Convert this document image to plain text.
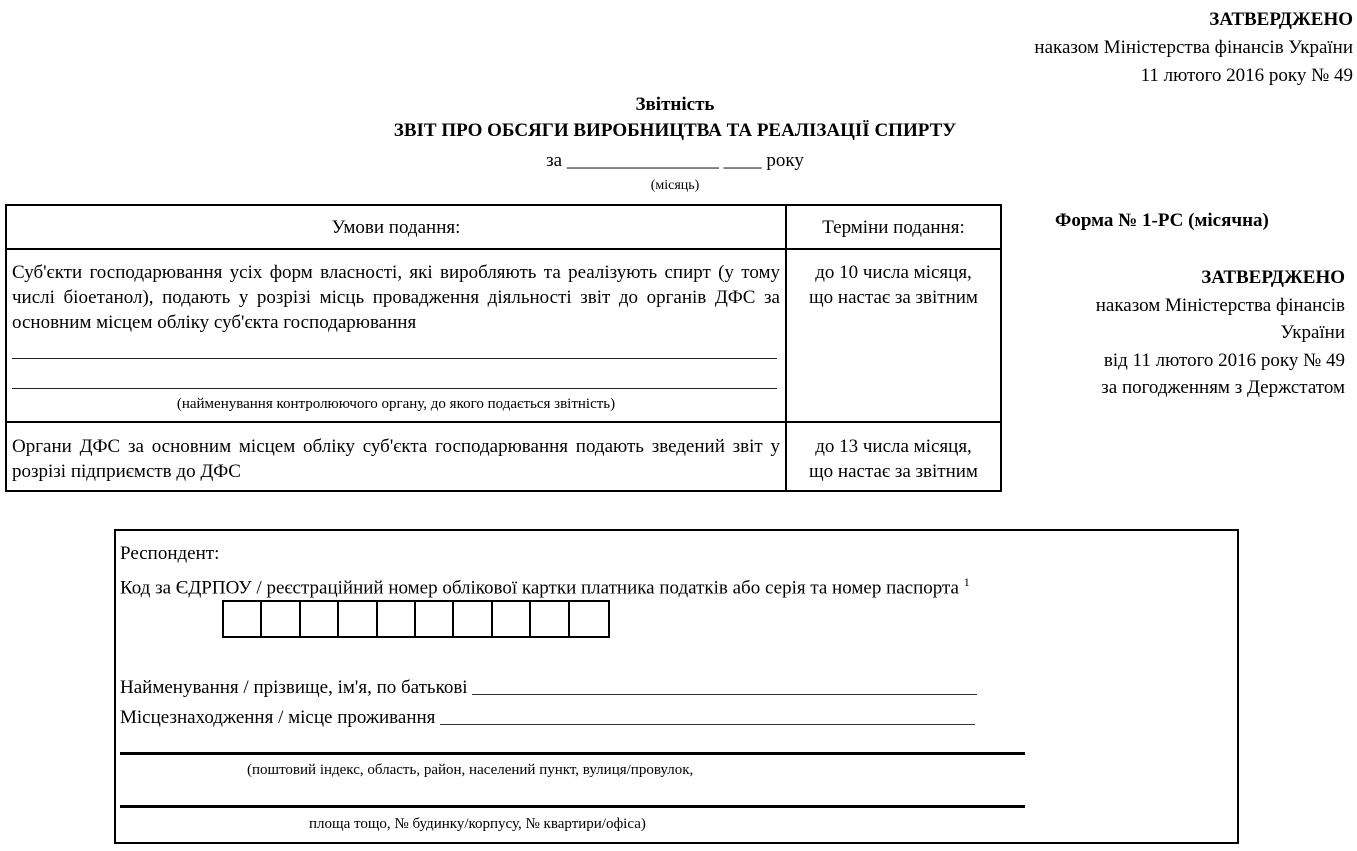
ЗАТВЕРДЖЕНО
наказом Міністерства фінансів України
11 лютого 2016 року № 49
Звітність
ЗВІТ ПРО ОБСЯГИ ВИРОБНИЦТВА ТА РЕАЛІЗАЦІЇ СПИРТУ
за ________________ ____ року
(місяць)
Умови подання:	Терміни подання:
Суб'єкти господарювання усіх форм власності, які виробляють та реалізують спирт (у тому числі біоетанол), подають у розрізі місць провадження діяльності звіт до органів ДФС за основним місцем обліку суб'єкта господарювання
(найменування контролюючого органу, до якого подається звітність)
до 10 числа місяця,
що настає за звітним
Органи ДФС за основним місцем обліку суб'єкта господарювання подають зведений звіт у розрізі підприємств до ДФС
до 13 числа місяця,
що настає за звітним
Форма № 1-РС (місячна)
ЗАТВЕРДЖЕНО
наказом Міністерства фінансів
України
від 11 лютого 2016 року № 49
за погодженням з Держстатом
Респондент:
Код за ЄДРПОУ / реєстраційний номер облікової картки платника податків або серія та номер паспорта $^1$
Найменування / прізвище, ім'я, по батькові
Місцезнаходження / місце проживання
(поштовий індекс, область, район, населений пункт, вулиця/провулок,
площа тощо, № будинку/корпусу, № квартири/офіса)
